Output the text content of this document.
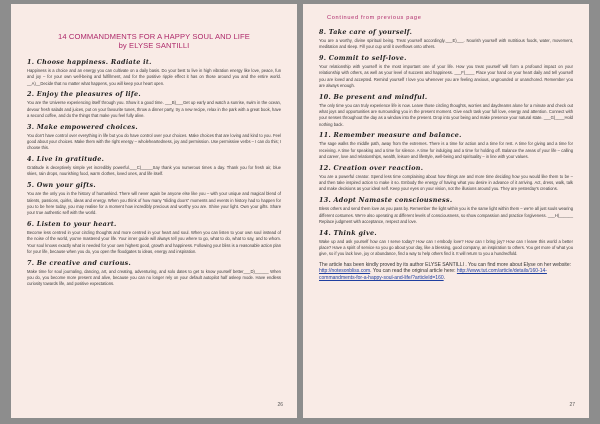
14 COMMANDMENTS FOR A HAPPY SOUL AND LIFE
by ELYSE SANTILLI
1. Choose happiness. Radiate it.

Happiness is a choice and an energy you can cultivate on a daily basis. Do your best to live in high vibration energy like love, peace, fun and joy – for your own well-being and fulfillment, and for the positive ripple effect it has on those around you and the entire world. __A)__Decide that no matter what happens, you will keep your heart open.

2. Enjoy the pleasures of life.

You are the Universe experiencing itself through you. Show it a good time. ___B)___Get up early and watch a sunrise, swim in the ocean, devour fresh salads and juices, put on your favourite tunes, throw a dinner party, try a new recipe, relax in the park with a great book, have a second coffee, and do the things that make you feel fully alive.

3. Make empowered choices.

You don't have control over everything in life but you do have control over your choices. Make choices that are loving and kind to you. Feel good about your choices. Make them with the right energy – wholeheartedness, joy and permission. Use permissive verbs – I can do this; I choose this.

4. Live in gratitude.

Gratitude is deceptively simple yet incredibly powerful.___C)_____Say thank you numerous times a day. Thank you for fresh air, blue skies, rain drops, nourishing food, warm clothes, loved ones, and life itself.

5. Own your gifts.

You are the only you in the history of humankind. There will never again be anyone else like you – with your unique and magical blend of talents, passions, quirks, ideas and energy. When you think of how many "sliding doors" moments and events in history had to happen for you to be here today, you may realise for a moment how incredibly precious and worthy you are. Shine your light. Own your gifts. Share your true authentic self with the world.

6. Listen to your heart.

Become less centred in your circling thoughts and more centred in your heart and soul. When you can listen to your own soul instead of the noise of the world, you've mastered your life. Your inner guide will always tell you where to go, what to do, what to say, and to whom. Your soul knows exactly what is needed for your own highest good, growth and happiness. Following your bliss is a reasonable action plan for your life, because when you do, you open the floodgates to ideas, energy and inspiration.

7. Be creative and curious.

Make time for soul journaling, dancing, art, and creating, adventuring, and solo dates to get to know yourself better___D)______ When you do, you become more present and alive, because you can no longer rely on your default autopilot half asleep mode. Have endless curiosity towards life, and positive expectations.

26
Continued from previous page
8. Take care of yourself.

You are a worthy, divine spiritual being. Treat yourself accordingly.___E)___. Nourish yourself with nutritious foods, water, movement, meditation and sleep. Fill your cup until it overflows onto others.

9. Commit to self-love.

Your relationship with yourself is the most important one of your life. How you treat yourself will form a profound impact on your relationship with others, as well as your level of success and happiness. ___F)____ Place your hand on your heart daily and tell yourself you are loved and accepted. Remind yourself I love you whenever you are feeling anxious, ungrounded or unanchored. Remember you are always enough.

10. Be present and mindful.

The only time you can truly experience life is now. Leave those circling thoughts, worries and daydreams alone for a minute and check out what joys and opportunities are surrounding you in the present moment. Give each task your full love, energy and attention. Connect with your senses throughout the day as a window into the present. Drop into your being and make presence your natural state. ___G)____Hold nothing back.

11. Remember measure and balance.

The sage walks the middle path, away from the extremes. There is a time for action and a time for rest. A time for giving and a time for receiving. A time for speaking and a time for silence. A time for indulging and a time for holding off. Balance the areas of your life – calling and career, love and relationships, wealth, leisure and lifestyle, well-being and spirituality – in line with your values.

12. Creation over reaction.

You are a powerful creator. Spend less time complaining about how things are and more time deciding how you would like them to be – and then take inspired action to make it so. Embody the energy of having what you desire in advance of it arriving. Act, dress, walk, talk and make decisions as your ideal self. Keep your eyes on your vision, not the illusions around you. They are yesterday's creations.

13. Adopt Namaste consciousness.

Bless others and send them love as you pass by. Remember the light within you is the same light within them – we're all just souls wearing different costumes. We're also operating at different levels of consciousness, so show compassion and practice forgiveness. ___H)______ Replace judgment with acceptance, respect and love.

14. Think give.

Wake up and ask yourself how can I serve today? How can I embody love? How can I bring joy? How can I leave this world a better place? Have a spirit of service so you go about your day, like a blessing, good company, an inspiration to others. You get more of what you give, so if you lack love, joy or abundance, find a way to help others find it. It will return to you a hundredfold.

The article has been kindly proved by its author ELYSE SANTILLI . You can find more about Elyse on her website: http://notesonbliss.com. You can read the original article here: http://www.tut.com/article/details/160-14-commandments-for-a-happy-soul-and-life/?articleId=160.

27
